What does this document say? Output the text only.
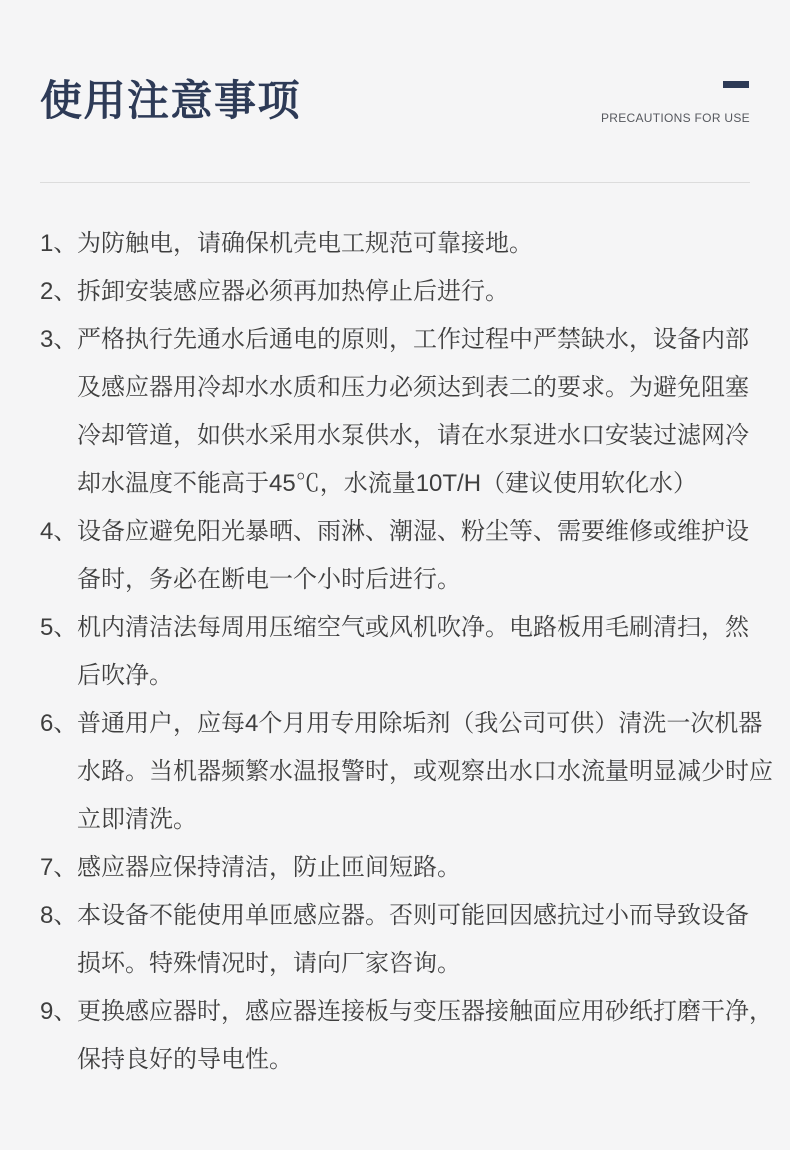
使用注意事项	PRECAUTIONS FOR USE
1、 为防触电，请确保机壳电工规范可靠接地。
2、 拆卸安装感应器必须再加热停止后进行。
3、 严格执行先通水后通电的原则，工作过程中严禁缺水，设备内部
及感应器用冷却水水质和压力必须达到表二的要求。为避免阻塞
冷却管道，如供水采用水泵供水，请在水泵进水口安装过滤网冷
却水温度不能高于45℃，水流量10T/H（建议使用软化水）
4、 设备应避免阳光暴晒、雨淋、潮湿、粉尘等、需要维修或维护设
备时，务必在断电一个小时后进行。
5、 机内清洁法每周用压缩空气或风机吹净。电路板用毛刷清扫，然
后吹净。
6、 普通用户，应每4个月用专用除垢剂（我公司可供）清洗一次机器
水路。当机器频繁水温报警时，或观察出水口水流量明显减少时应
立即清洗。
7、 感应器应保持清洁，防止匝间短路。
8、 本设备不能使用单匝感应器。否则可能回因感抗过小而导致设备
损坏。特殊情况时，请向厂家咨询。
9、 更换感应器时，感应器连接板与变压器接触面应用砂纸打磨干净，
保持良好的导电性。
